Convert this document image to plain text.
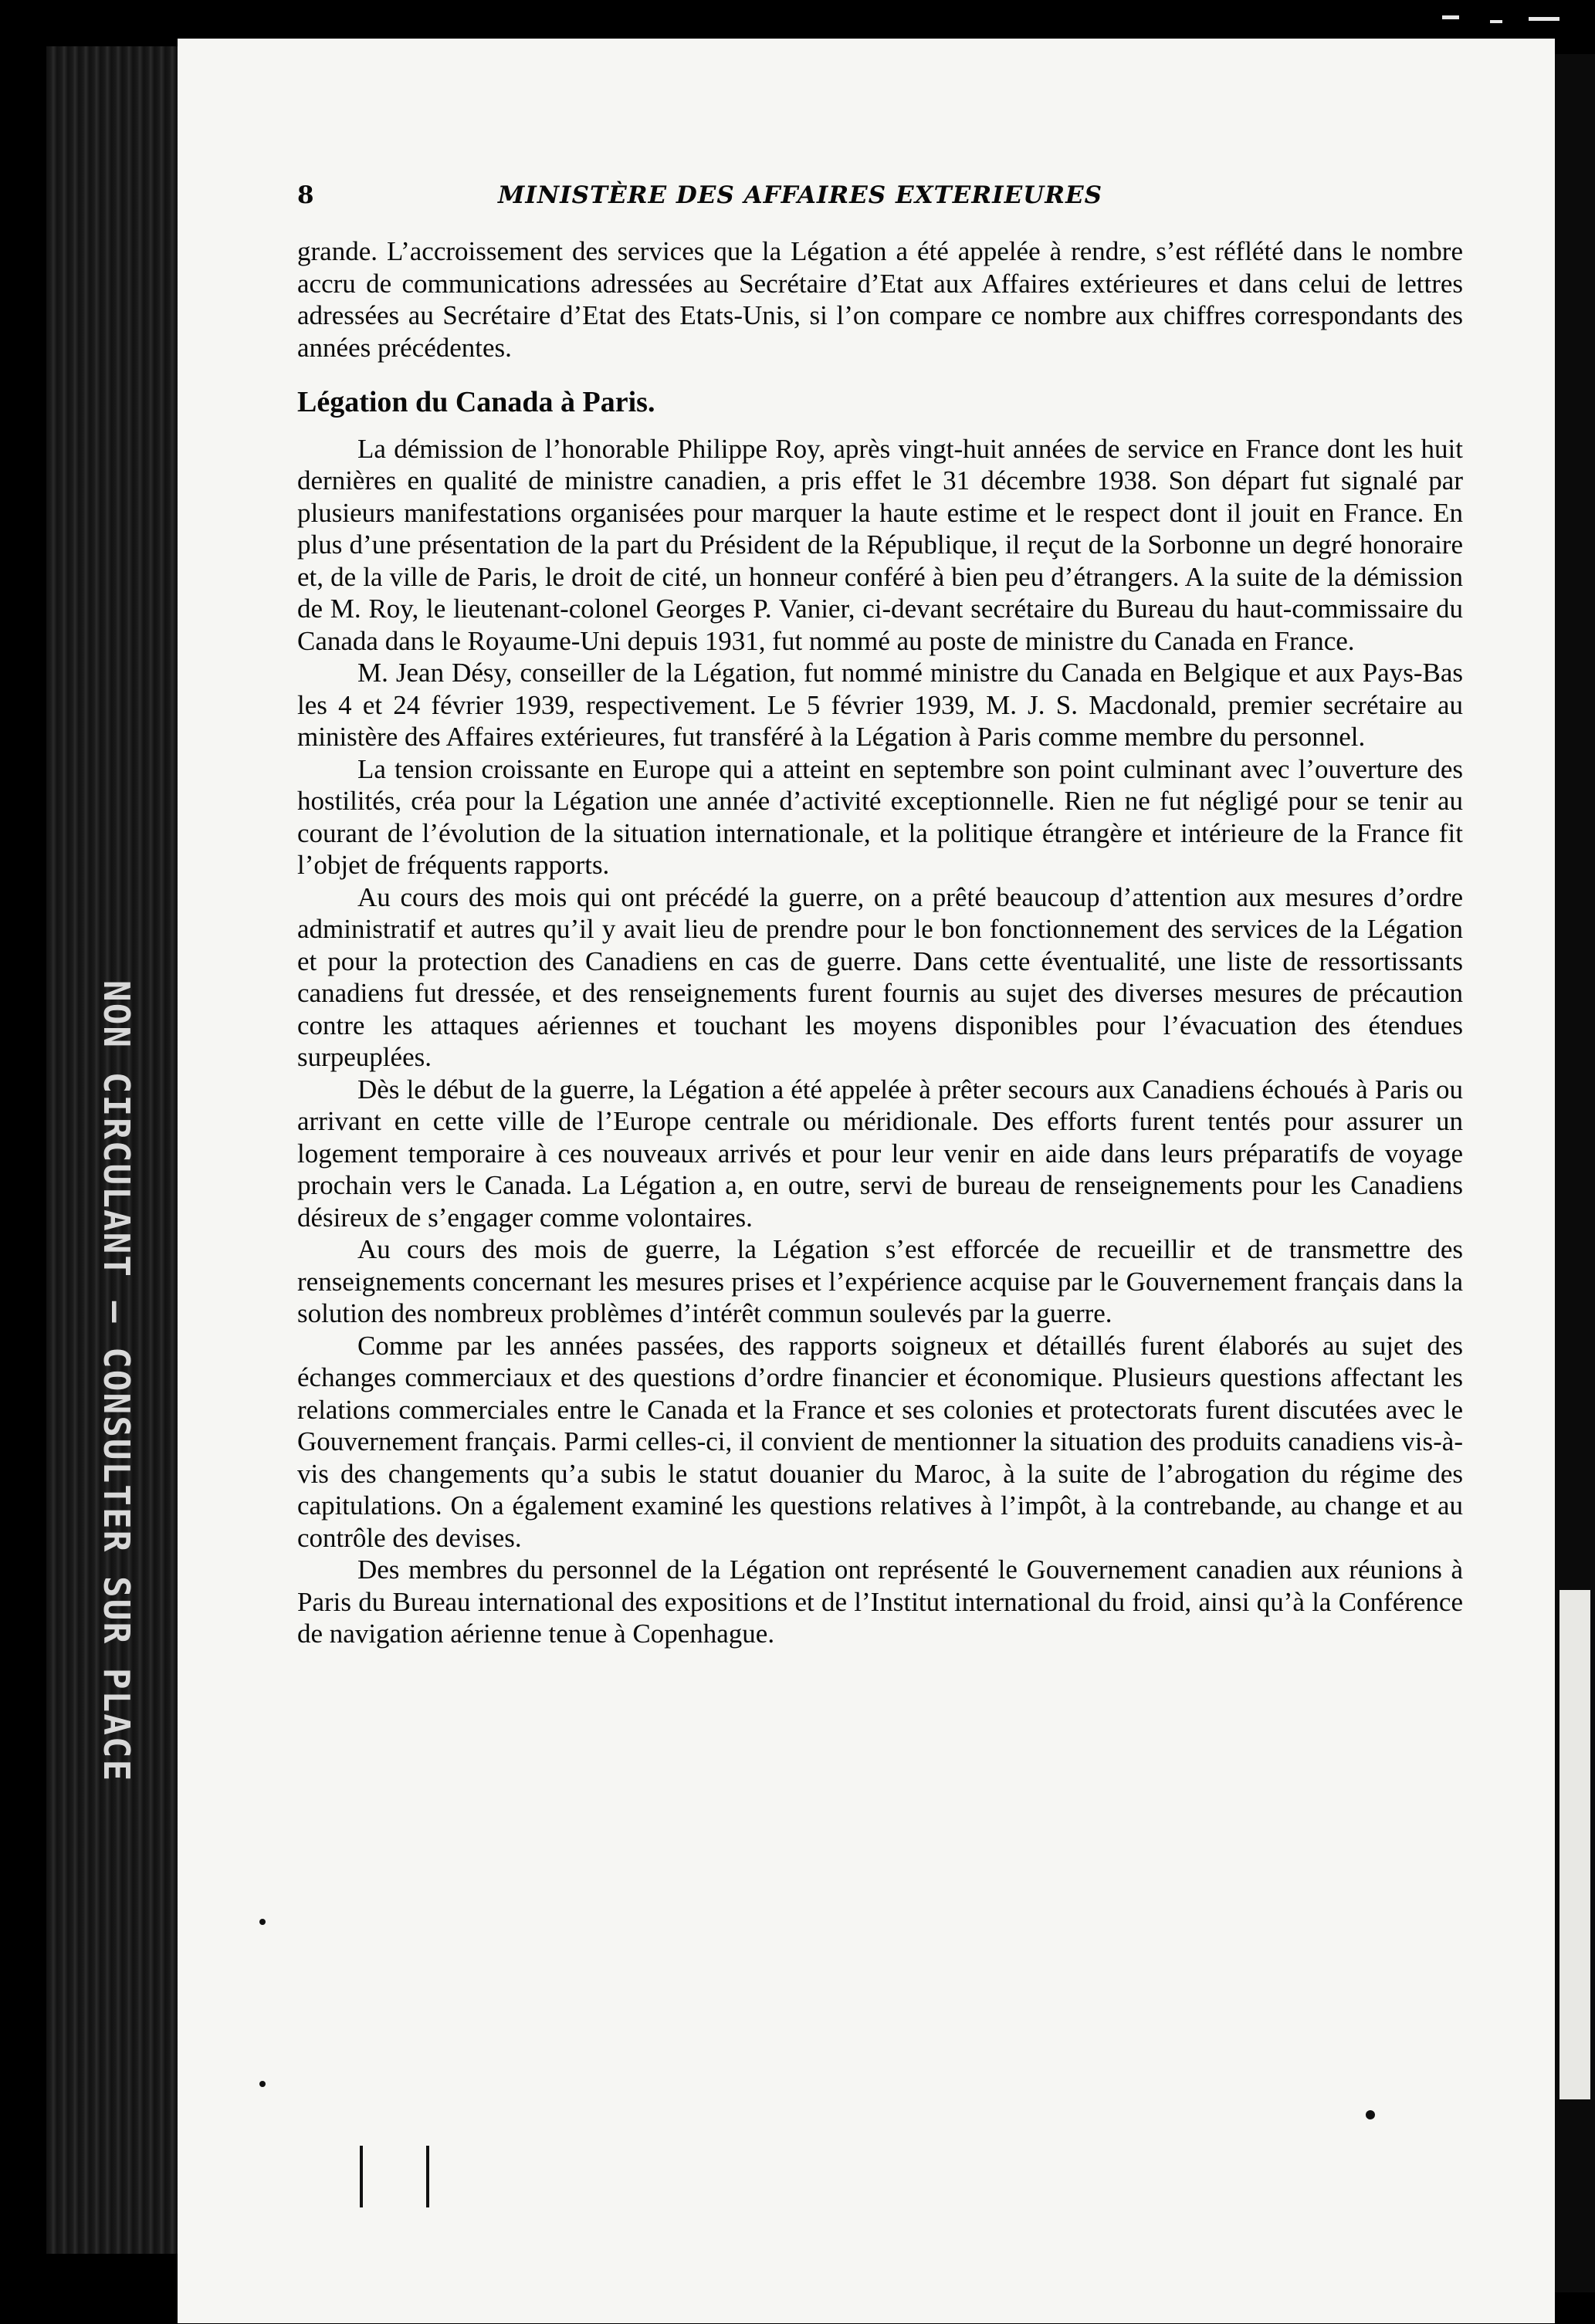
NON CIRCULANT — CONSULTER SUR PLACE
8	MINISTÈRE DES AFFAIRES EXTERIEURES

grande. L’accroissement des services que la Légation a été appelée à rendre, s’est réflété dans le nombre accru de communications adressées au Secrétaire d’Etat aux Affaires extérieures et dans celui de lettres adressées au Secrétaire d’Etat des Etats-Unis, si l’on compare ce nombre aux chiffres correspondants des années précédentes.

Légation du Canada à Paris.

La démission de l’honorable Philippe Roy, après vingt-huit années de service en France dont les huit dernières en qualité de ministre canadien, a pris effet le 31 décembre 1938. Son départ fut signalé par plusieurs manifestations organisées pour marquer la haute estime et le respect dont il jouit en France. En plus d’une présentation de la part du Président de la République, il reçut de la Sorbonne un degré honoraire et, de la ville de Paris, le droit de cité, un honneur conféré à bien peu d’étrangers. A la suite de la démission de M. Roy, le lieutenant-colonel Georges P. Vanier, ci-devant secrétaire du Bureau du haut-commissaire du Canada dans le Royaume-Uni depuis 1931, fut nommé au poste de ministre du Canada en France.

M. Jean Désy, conseiller de la Légation, fut nommé ministre du Canada en Belgique et aux Pays-Bas les 4 et 24 février 1939, respectivement. Le 5 février 1939, M. J. S. Macdonald, premier secrétaire au ministère des Affaires extérieures, fut transféré à la Légation à Paris comme membre du personnel.

La tension croissante en Europe qui a atteint en septembre son point culminant avec l’ouverture des hostilités, créa pour la Légation une année d’activité exceptionnelle. Rien ne fut négligé pour se tenir au courant de l’évolution de la situation internationale, et la politique étrangère et intérieure de la France fit l’objet de fréquents rapports.

Au cours des mois qui ont précédé la guerre, on a prêté beaucoup d’attention aux mesures d’ordre administratif et autres qu’il y avait lieu de prendre pour le bon fonctionnement des services de la Légation et pour la protection des Canadiens en cas de guerre. Dans cette éventualité, une liste de ressortissants canadiens fut dressée, et des renseignements furent fournis au sujet des diverses mesures de précaution contre les attaques aériennes et touchant les moyens disponibles pour l’évacuation des étendues surpeuplées.

Dès le début de la guerre, la Légation a été appelée à prêter secours aux Canadiens échoués à Paris ou arrivant en cette ville de l’Europe centrale ou méridionale. Des efforts furent tentés pour assurer un logement temporaire à ces nouveaux arrivés et pour leur venir en aide dans leurs préparatifs de voyage prochain vers le Canada. La Légation a, en outre, servi de bureau de renseignements pour les Canadiens désireux de s’engager comme volontaires.

Au cours des mois de guerre, la Légation s’est efforcée de recueillir et de transmettre des renseignements concernant les mesures prises et l’expérience acquise par le Gouvernement français dans la solution des nombreux problèmes d’intérêt commun soulevés par la guerre.

Comme par les années passées, des rapports soigneux et détaillés furent élaborés au sujet des échanges commerciaux et des questions d’ordre financier et économique. Plusieurs questions affectant les relations commerciales entre le Canada et la France et ses colonies et protectorats furent discutées avec le Gouvernement français. Parmi celles-ci, il convient de mentionner la situation des produits canadiens vis-à-vis des changements qu’a subis le statut douanier du Maroc, à la suite de l’abrogation du régime des capitulations. On a également examiné les questions relatives à l’impôt, à la contrebande, au change et au contrôle des devises.

Des membres du personnel de la Légation ont représenté le Gouvernement canadien aux réunions à Paris du Bureau international des expositions et de l’Institut international du froid, ainsi qu’à la Conférence de navigation aérienne tenue à Copenhague.
